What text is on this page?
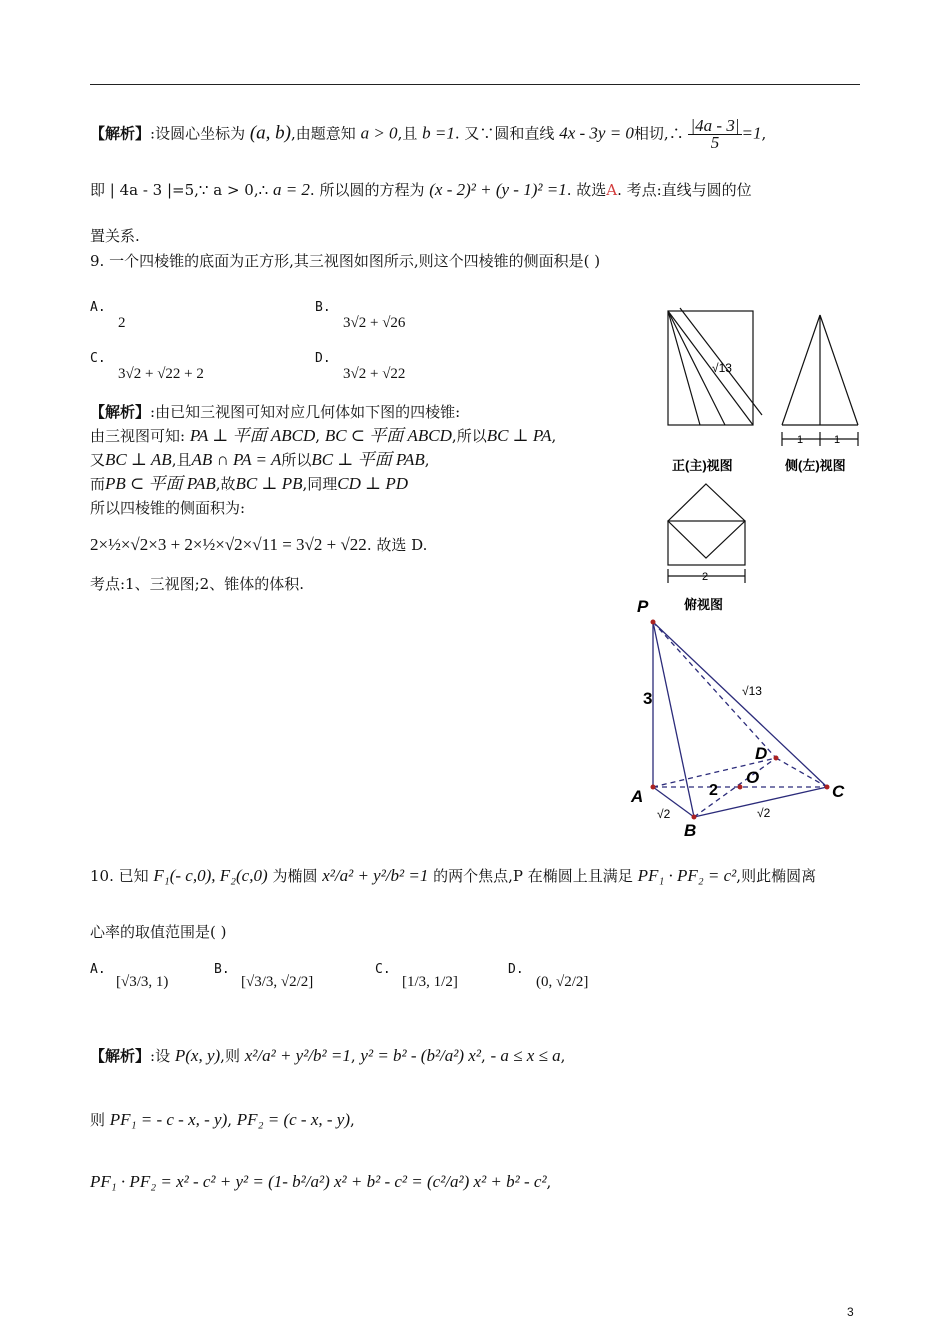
【解析】:设圆心坐标为 (a, b),由题意知 a > 0,且 b =1. 又∵圆和直线 4x - 3y = 0相切,∴ $\frac{|4a - 3|}{5} =1$,
即 | 4a - 3 |=5,∵ a > 0,∴ a = 2. 所以圆的方程为 (x - 2)² + (y - 1)² =1. 故选A. 考点:直线与圆的位
置关系.
9. 一个四棱锥的底面为正方形,其三视图如图所示,则这个四棱锥的侧面积是( )
A.
2
B.
3√2 + √26
C.
3√2 + √22 + 2
D.
3√2 + √22
【解析】:由已知三视图可知对应几何体如下图的四棱锥:
由三视图可知: PA ⊥ 平面 ABCD, BC ⊂ 平面 ABCD,所以BC ⊥ PA,
又BC ⊥ AB,且AB ∩ PA = A所以BC ⊥ 平面 PAB,
而PB ⊂ 平面 PAB,故BC ⊥ PB,同理CD ⊥ PD
所以四棱锥的侧面积为:
2×½×√2×3 + 2×½×√2×√11 = 3√2 + √22. 故选 D.
考点:1、三视图;2、锥体的体积.
√13
正(主)视图
1	1
侧(左)视图
2
俯视图
P
A
B
C
D
O
3
2
√13
√2	√2
10. 已知 F₁(- c,0), F₂(c,0) 为椭圆 x²/a² + y²/b² =1 的两个焦点,P 在椭圆上且满足 PF₁ · PF₂ = c²,则此椭圆离
心率的取值范围是( )
A.
[√3/3, 1)
B.
[√3/3, √2/2]
C.
[1/3, 1/2]
D.
(0, √2/2]
【解析】:设 P(x, y),则 x²/a² + y²/b² =1, y² = b² - (b²/a²) x², - a ≤ x ≤ a,
则 PF₁ = - c - x, - y), PF₂ = (c - x, - y),
PF₁ · PF₂ = x² - c² + y² = (1- b²/a²) x² + b² - c² = (c²/a²) x² + b² - c²,
3
